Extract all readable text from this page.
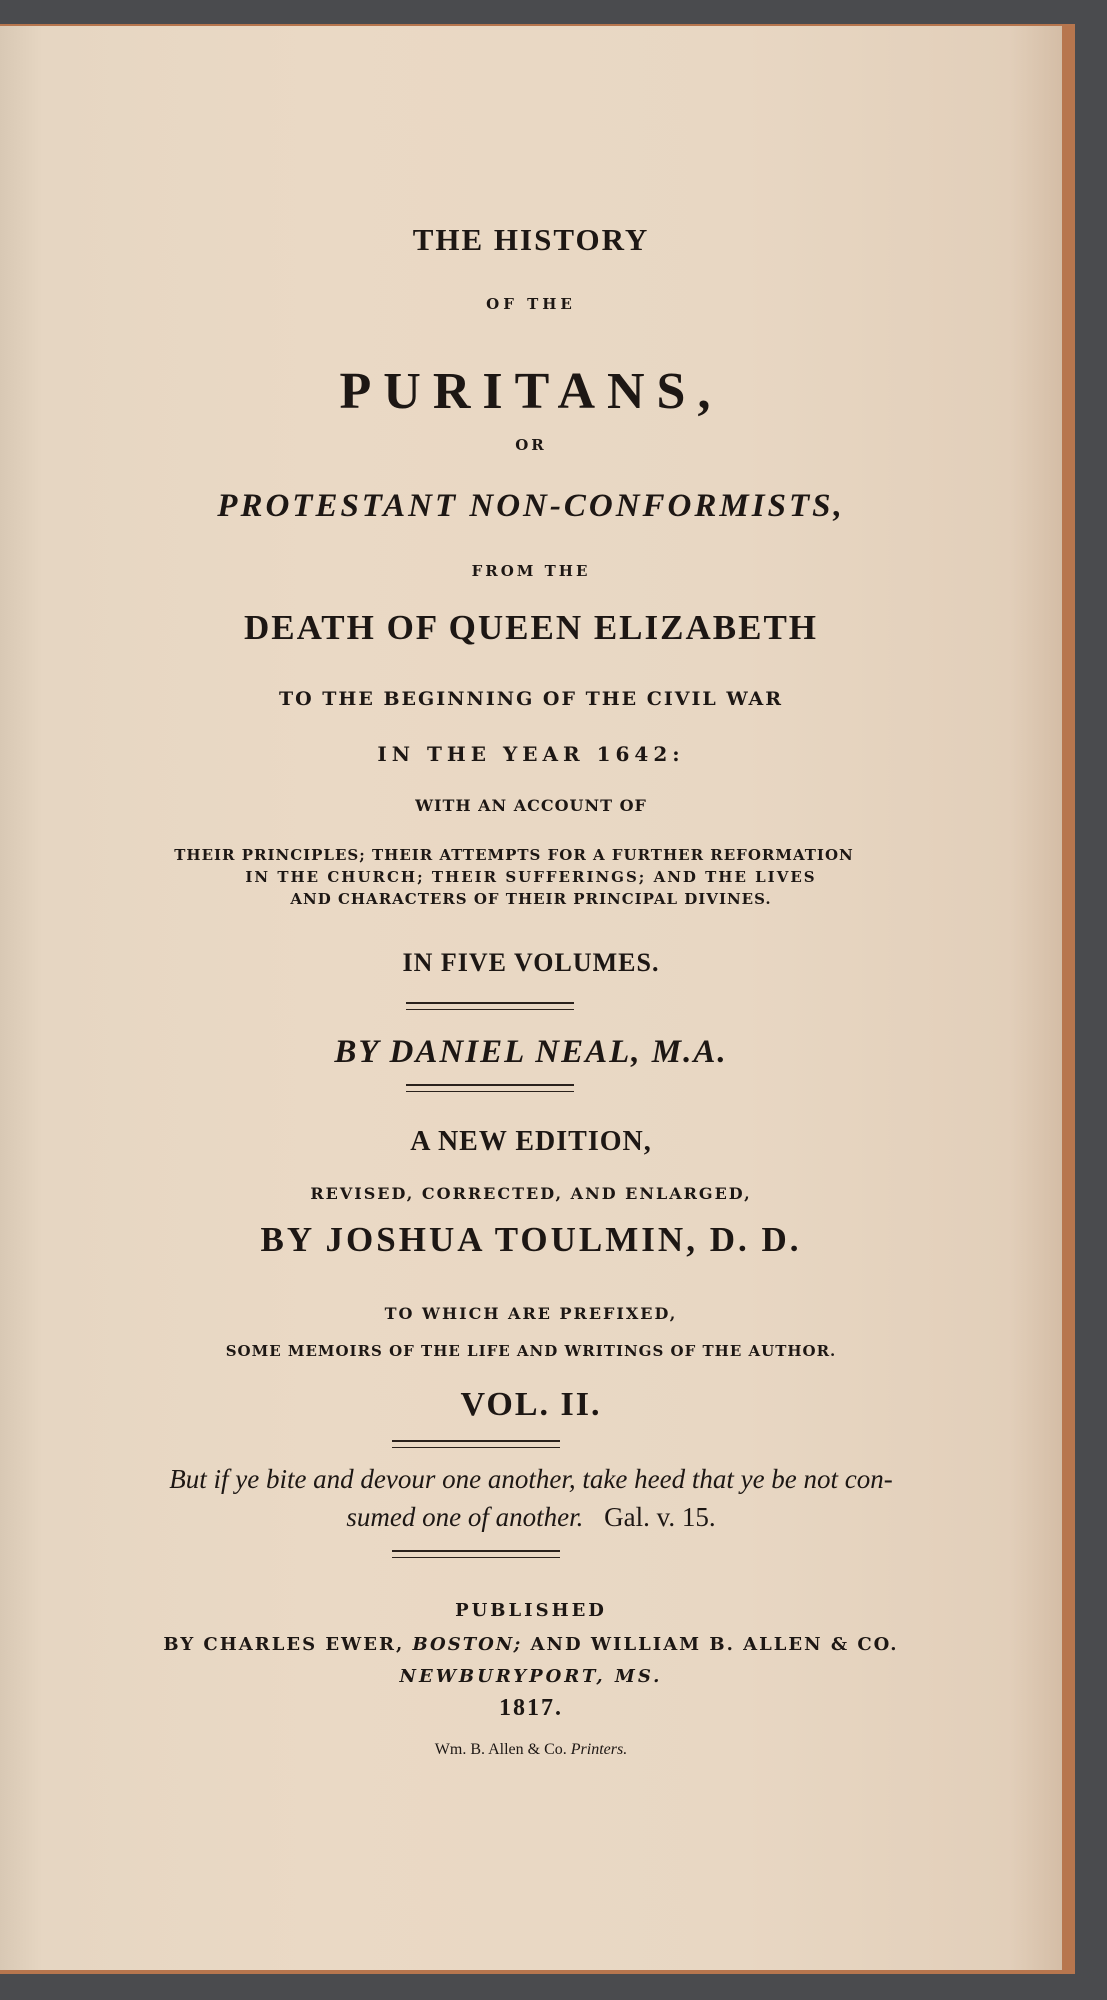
THE HISTORY
OF THE
PURITANS,
OR
PROTESTANT NON-CONFORMISTS,
FROM THE
DEATH OF QUEEN ELIZABETH
TO THE BEGINNING OF THE CIVIL WAR
IN THE YEAR 1642:
WITH AN ACCOUNT OF
THEIR PRINCIPLES; THEIR ATTEMPTS FOR A FURTHER REFORMATION
IN THE CHURCH; THEIR SUFFERINGS; AND THE LIVES
AND CHARACTERS OF THEIR PRINCIPAL DIVINES.
IN FIVE VOLUMES.
BY DANIEL NEAL, M.A.
A NEW EDITION,
REVISED, CORRECTED, AND ENLARGED,
BY JOSHUA TOULMIN, D. D.
TO WHICH ARE PREFIXED,
SOME MEMOIRS OF THE LIFE AND WRITINGS OF THE AUTHOR.
VOL. II.
But if ye bite and devour one another, take heed that ye be not con-
sumed one of another. Gal. v. 15.
PUBLISHED
BY CHARLES EWER, BOSTON; AND WILLIAM B. ALLEN & CO.
NEWBURYPORT, MS.
1817.
Wm. B. Allen & Co. Printers.
